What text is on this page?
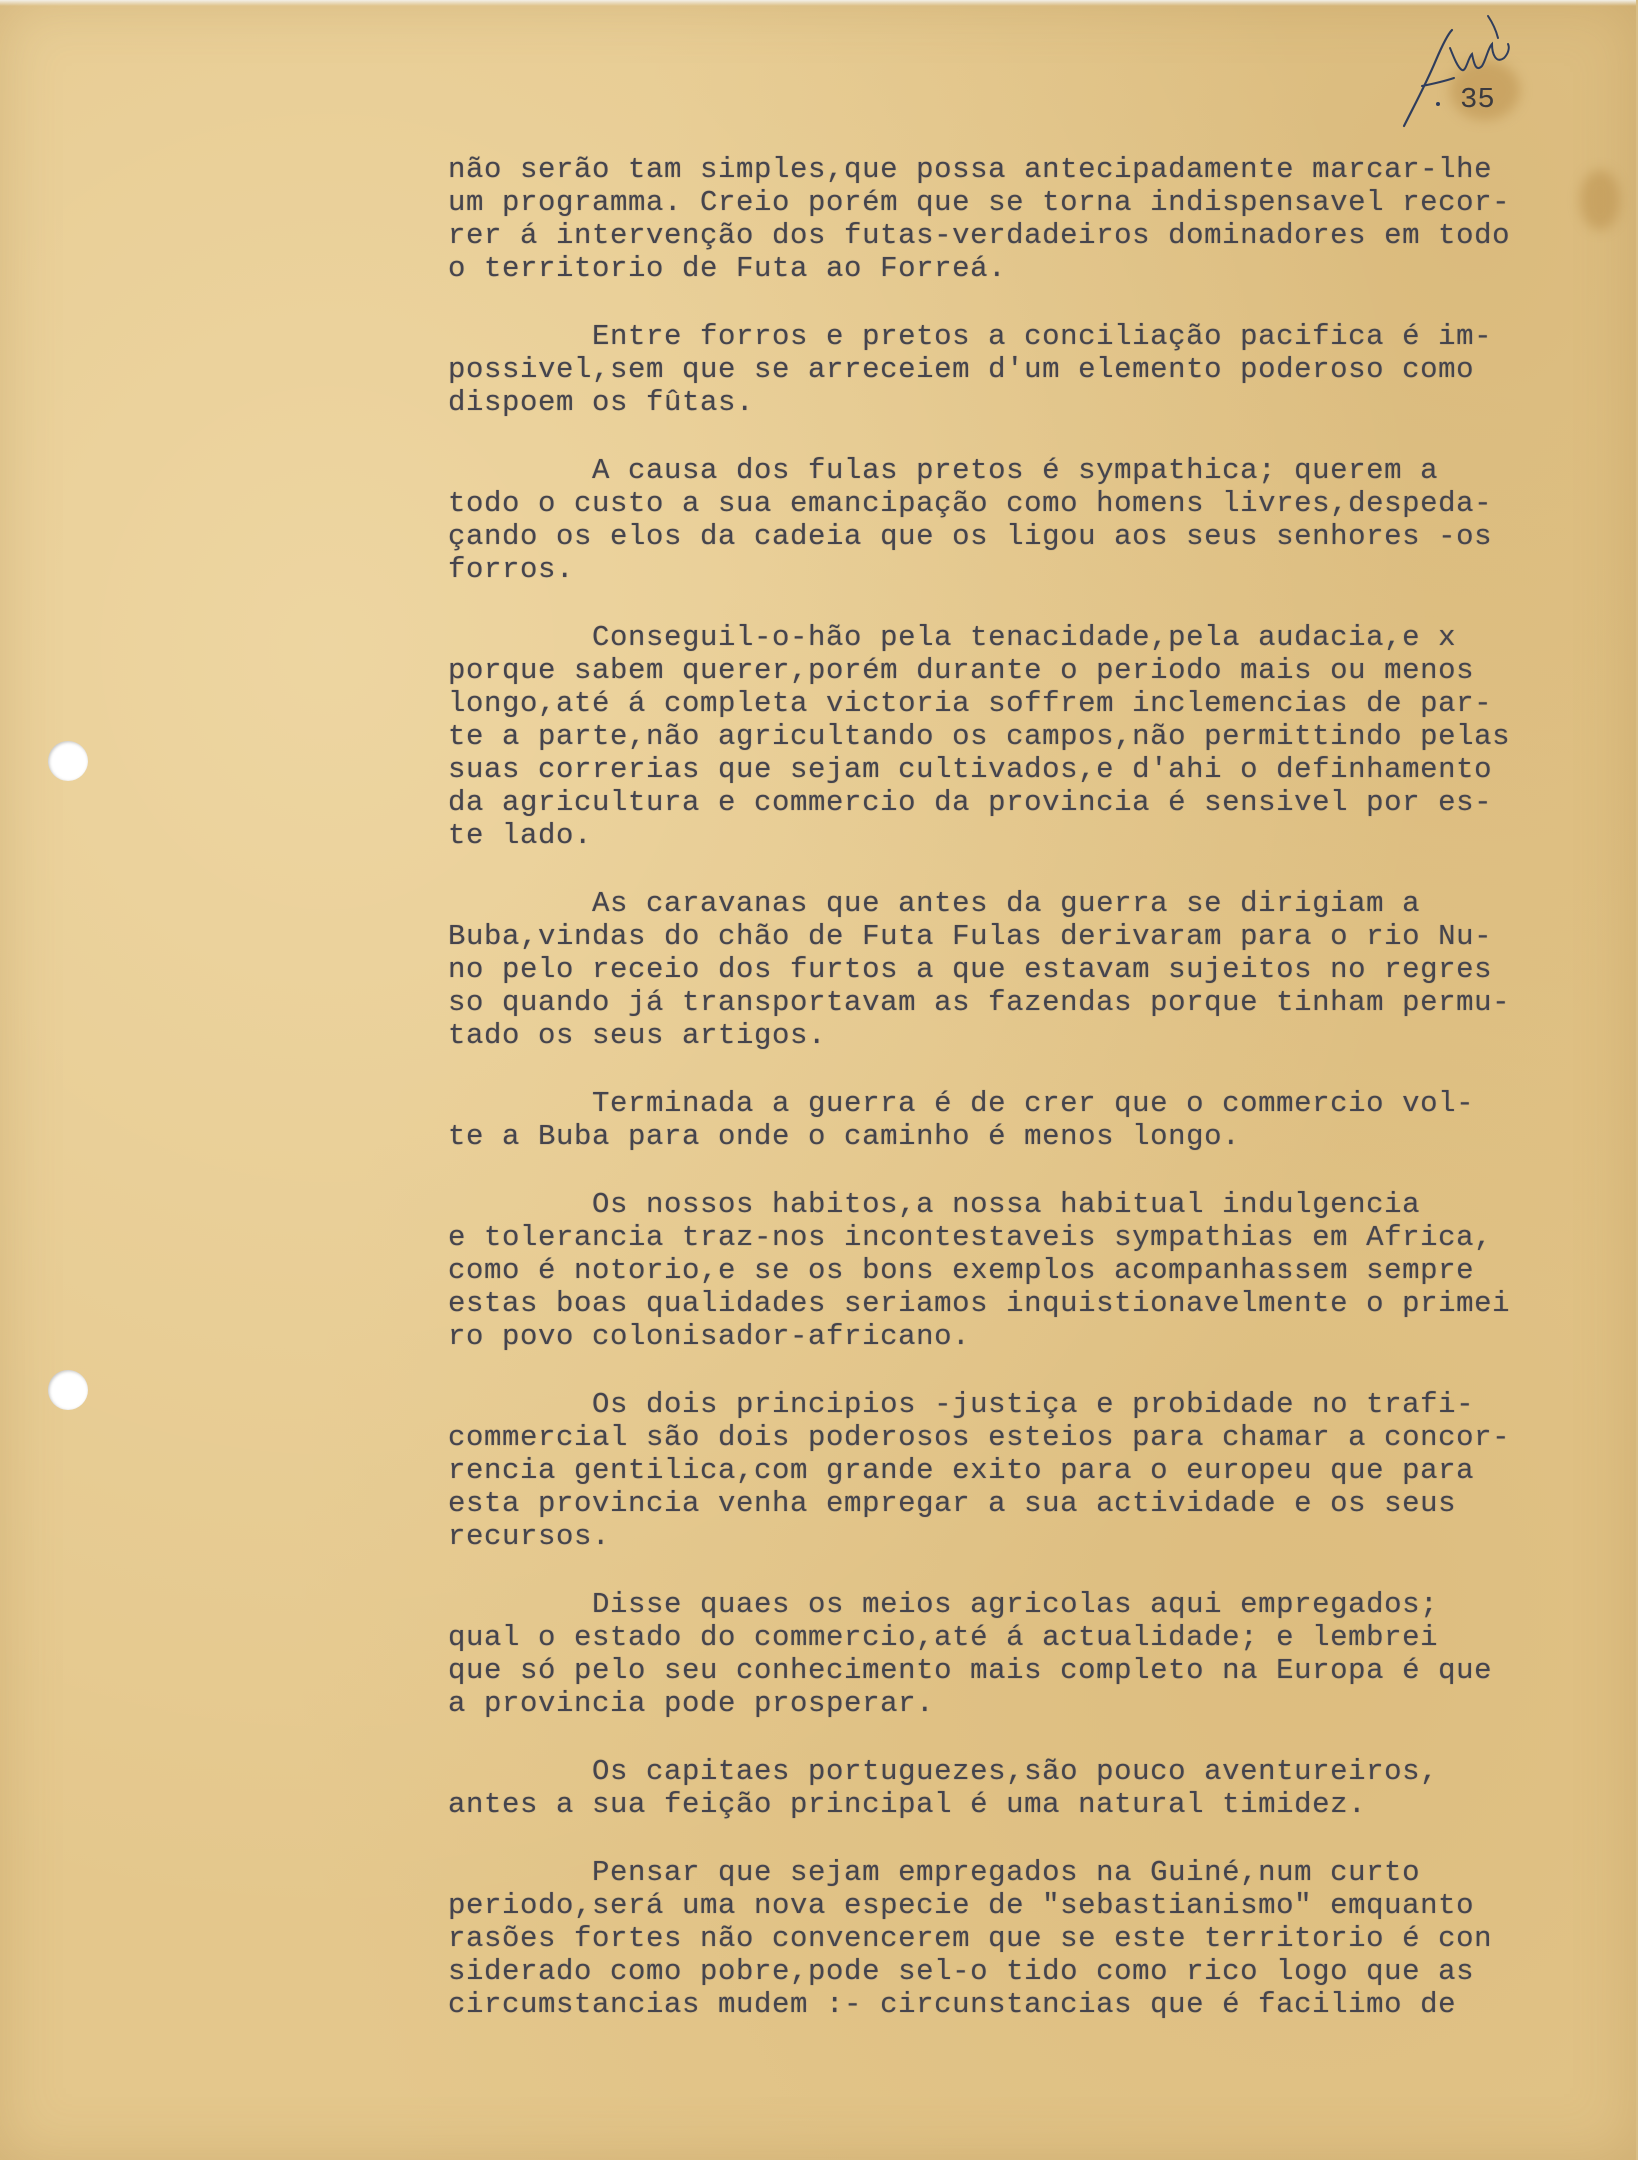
35
não serão tam simples,que possa antecipadamente marcar-lhe
um programma. Creio porém que se torna indispensavel recor-
rer á intervenção dos futas-verdadeiros dominadores em todo
o territorio de Futa ao Forreá.
Entre forros e pretos a conciliação pacifica é im-
possivel,sem que se arreceiem d'um elemento poderoso como
dispoem os fûtas.
A causa dos fulas pretos é sympathica; querem a
todo o custo a sua emancipação como homens livres,despeda-
çando os elos da cadeia que os ligou aos seus senhores -os
forros.
Conseguil-o-hão pela tenacidade,pela audacia,e x
porque sabem querer,porém durante o periodo mais ou menos
longo,até á completa victoria soffrem inclemencias de par-
te a parte,não agricultando os campos,não permittindo pelas
suas correrias que sejam cultivados,e d'ahi o definhamento
da agricultura e commercio da provincia é sensivel por es-
te lado.
As caravanas que antes da guerra se dirigiam a
Buba,vindas do chão de Futa Fulas derivaram para o rio Nu-
no pelo receio dos furtos a que estavam sujeitos no regres
so quando já transportavam as fazendas porque tinham permu-
tado os seus artigos.
Terminada a guerra é de crer que o commercio vol-
te a Buba para onde o caminho é menos longo.
Os nossos habitos,a nossa habitual indulgencia
e tolerancia traz-nos incontestaveis sympathias em Africa,
como é notorio,e se os bons exemplos acompanhassem sempre
estas boas qualidades seriamos inquistionavelmente o primei
ro povo colonisador-africano.
Os dois principios -justiça e probidade no trafi-
commercial são dois poderosos esteios para chamar a concor-
rencia gentilica,com grande exito para o europeu que para
esta provincia venha empregar a sua actividade e os seus
recursos.
Disse quaes os meios agricolas aqui empregados;
qual o estado do commercio,até á actualidade; e lembrei
que só pelo seu conhecimento mais completo na Europa é que
a provincia pode prosperar.
Os capitaes portuguezes,são pouco aventureiros,
antes a sua feição principal é uma natural timidez.
Pensar que sejam empregados na Guiné,num curto
periodo,será uma nova especie de "sebastianismo" emquanto
rasões fortes não convencerem que se este territorio é con
siderado como pobre,pode sel-o tido como rico logo que as
circumstancias mudem :- circunstancias que é facilimo de
